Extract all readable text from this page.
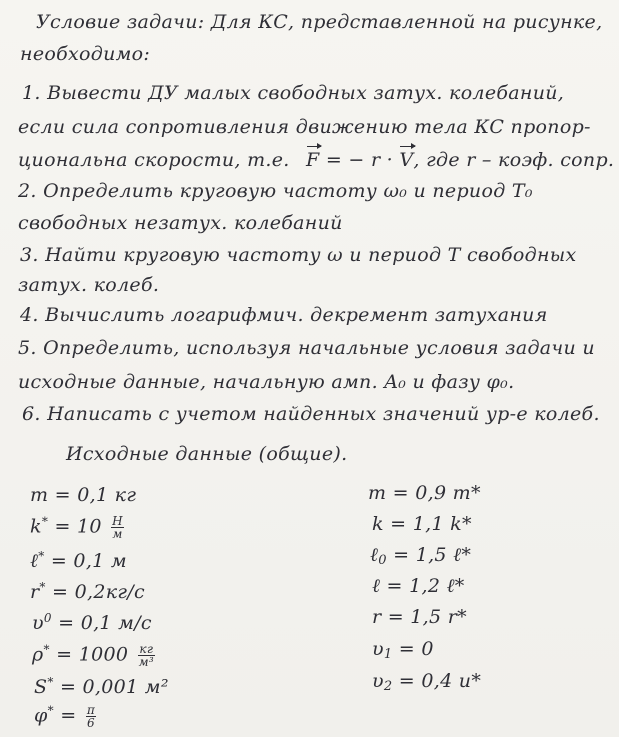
Условие задачи: Для КС, представленной на рисунке,
необходимо:
1. Вывести ДУ малых свободных затух. колебаний,
если сила сопротивления движению тела КС пропор-
циональна скорости, т.е. F = − r · V, где r – коэф. сопр.
2. Определить круговую частоту ω₀ и период T₀
свободных незатух. колебаний
3. Найти круговую частоту ω и период T свободных
затух. колеб.
4. Вычислить логарифмич. декремент затухания
5. Определить, используя начальные условия задачи и
исходные данные, начальную амп. A₀ и фазу φ₀.
6. Написать с учетом найденных значений ур-е колеб.
Исходные данные (общие).
m = 0,1 кг
$k^* = 10 \frac{Н}{м}$
ℓ* = 0,1 м
r* = 0,2кг/с
$\upsilon^0 = 0,1$ м/с
$\rho^* = 1000 \frac{кг}{\text{м³}}$
S* = 0,001 м²
$\varphi^* = \frac{\pi}{6}$
m = 0,9 m*
k = 1,1 k*
ℓ$_0$ = 1,5 ℓ*
ℓ = 1,2 ℓ*
r = 1,5 r*
$\upsilon_1 = 0$
$\upsilon_2 = 0,4$ u*
